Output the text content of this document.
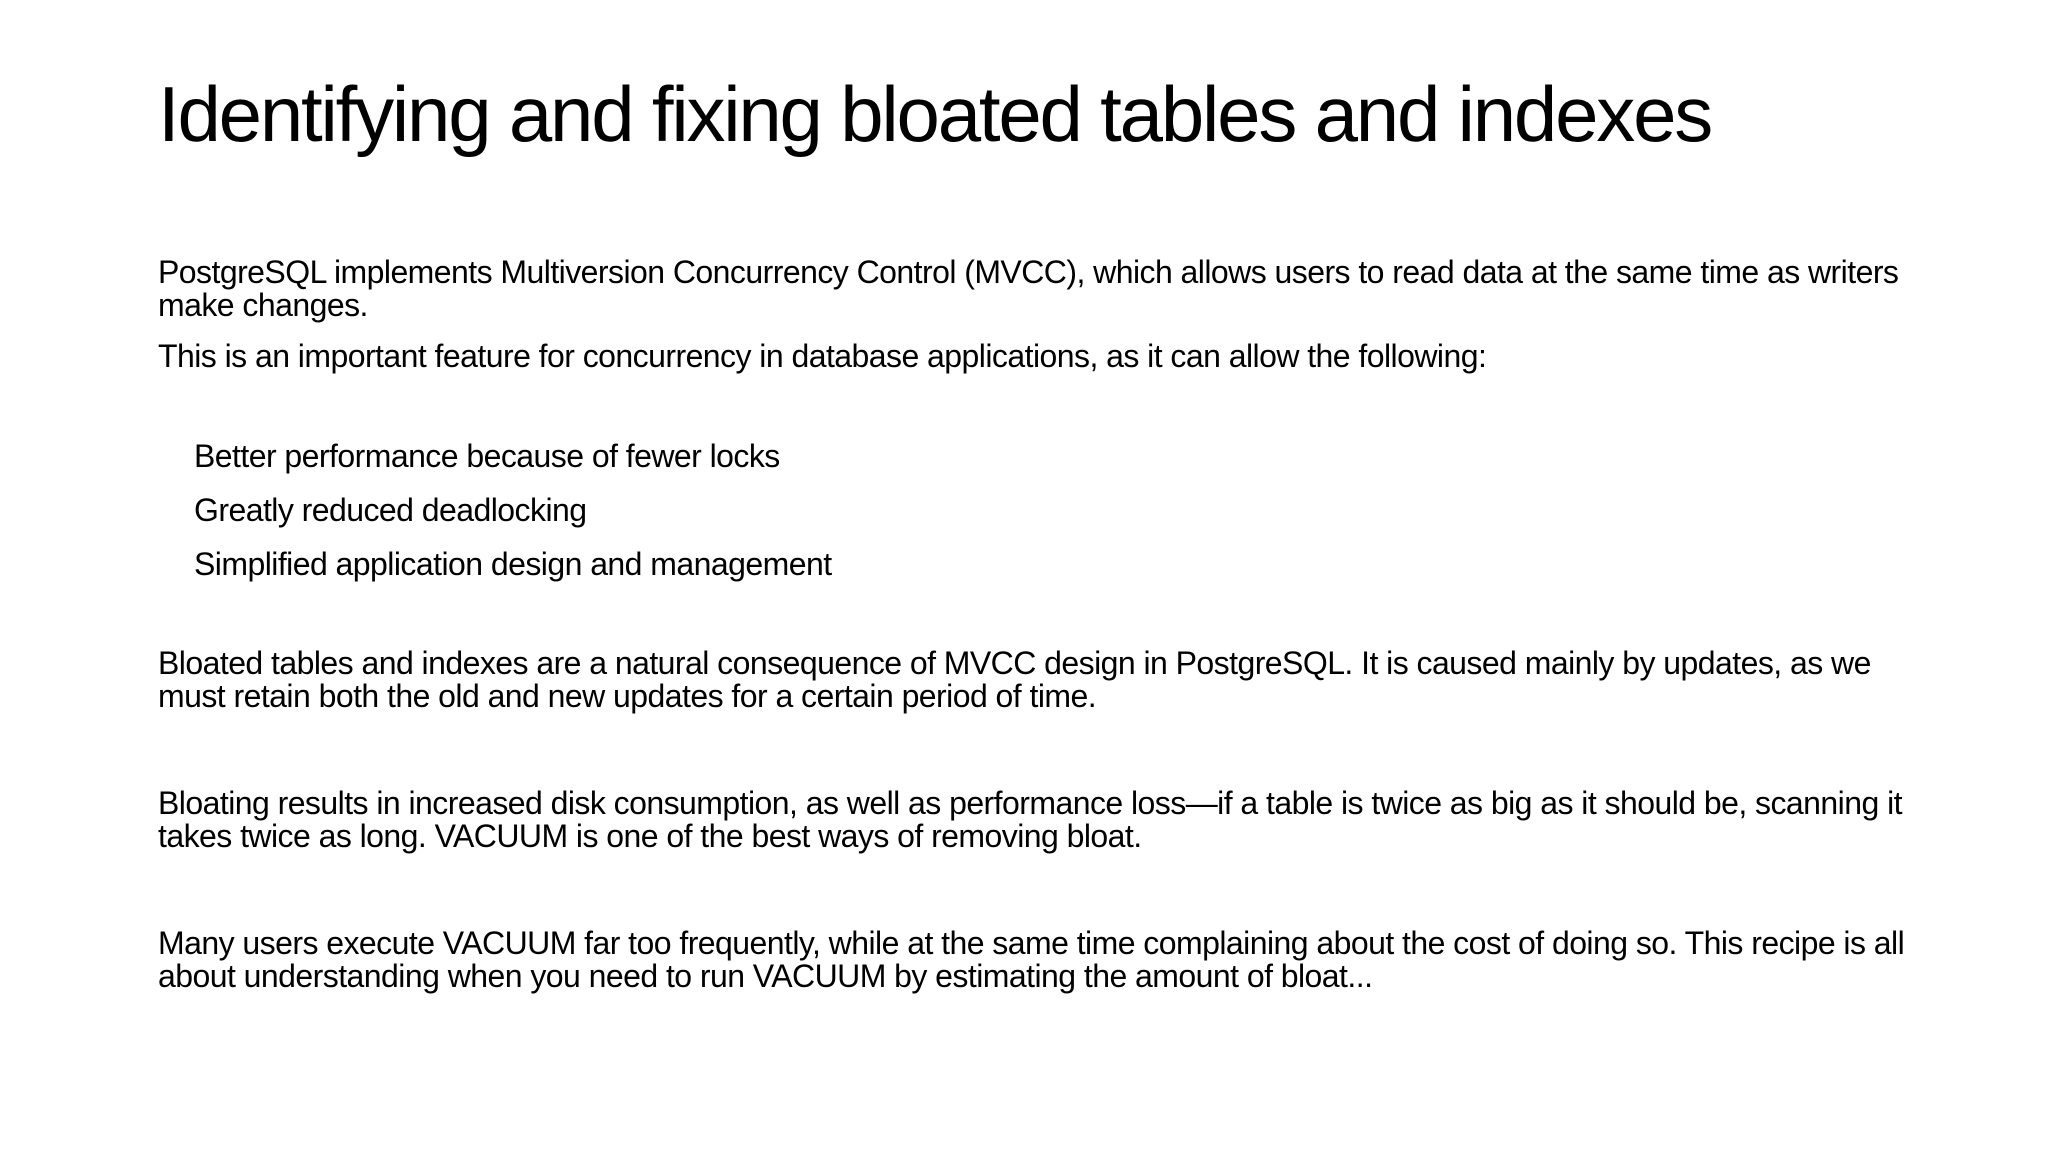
Identifying and fixing bloated tables and indexes

PostgreSQL implements Multiversion Concurrency Control (MVCC), which allows users to read data at the same time as writers make changes.

This is an important feature for concurrency in database applications, as it can allow the following:

Better performance because of fewer locks
Greatly reduced deadlocking
Simplified application design and management

Bloated tables and indexes are a natural consequence of MVCC design in PostgreSQL. It is caused mainly by updates, as we must retain both the old and new updates for a certain period of time.

Bloating results in increased disk consumption, as well as performance loss—if a table is twice as big as it should be, scanning it takes twice as long. VACUUM is one of the best ways of removing bloat.

Many users execute VACUUM far too frequently, while at the same time complaining about the cost of doing so. This recipe is all about understanding when you need to run VACUUM by estimating the amount of bloat...
